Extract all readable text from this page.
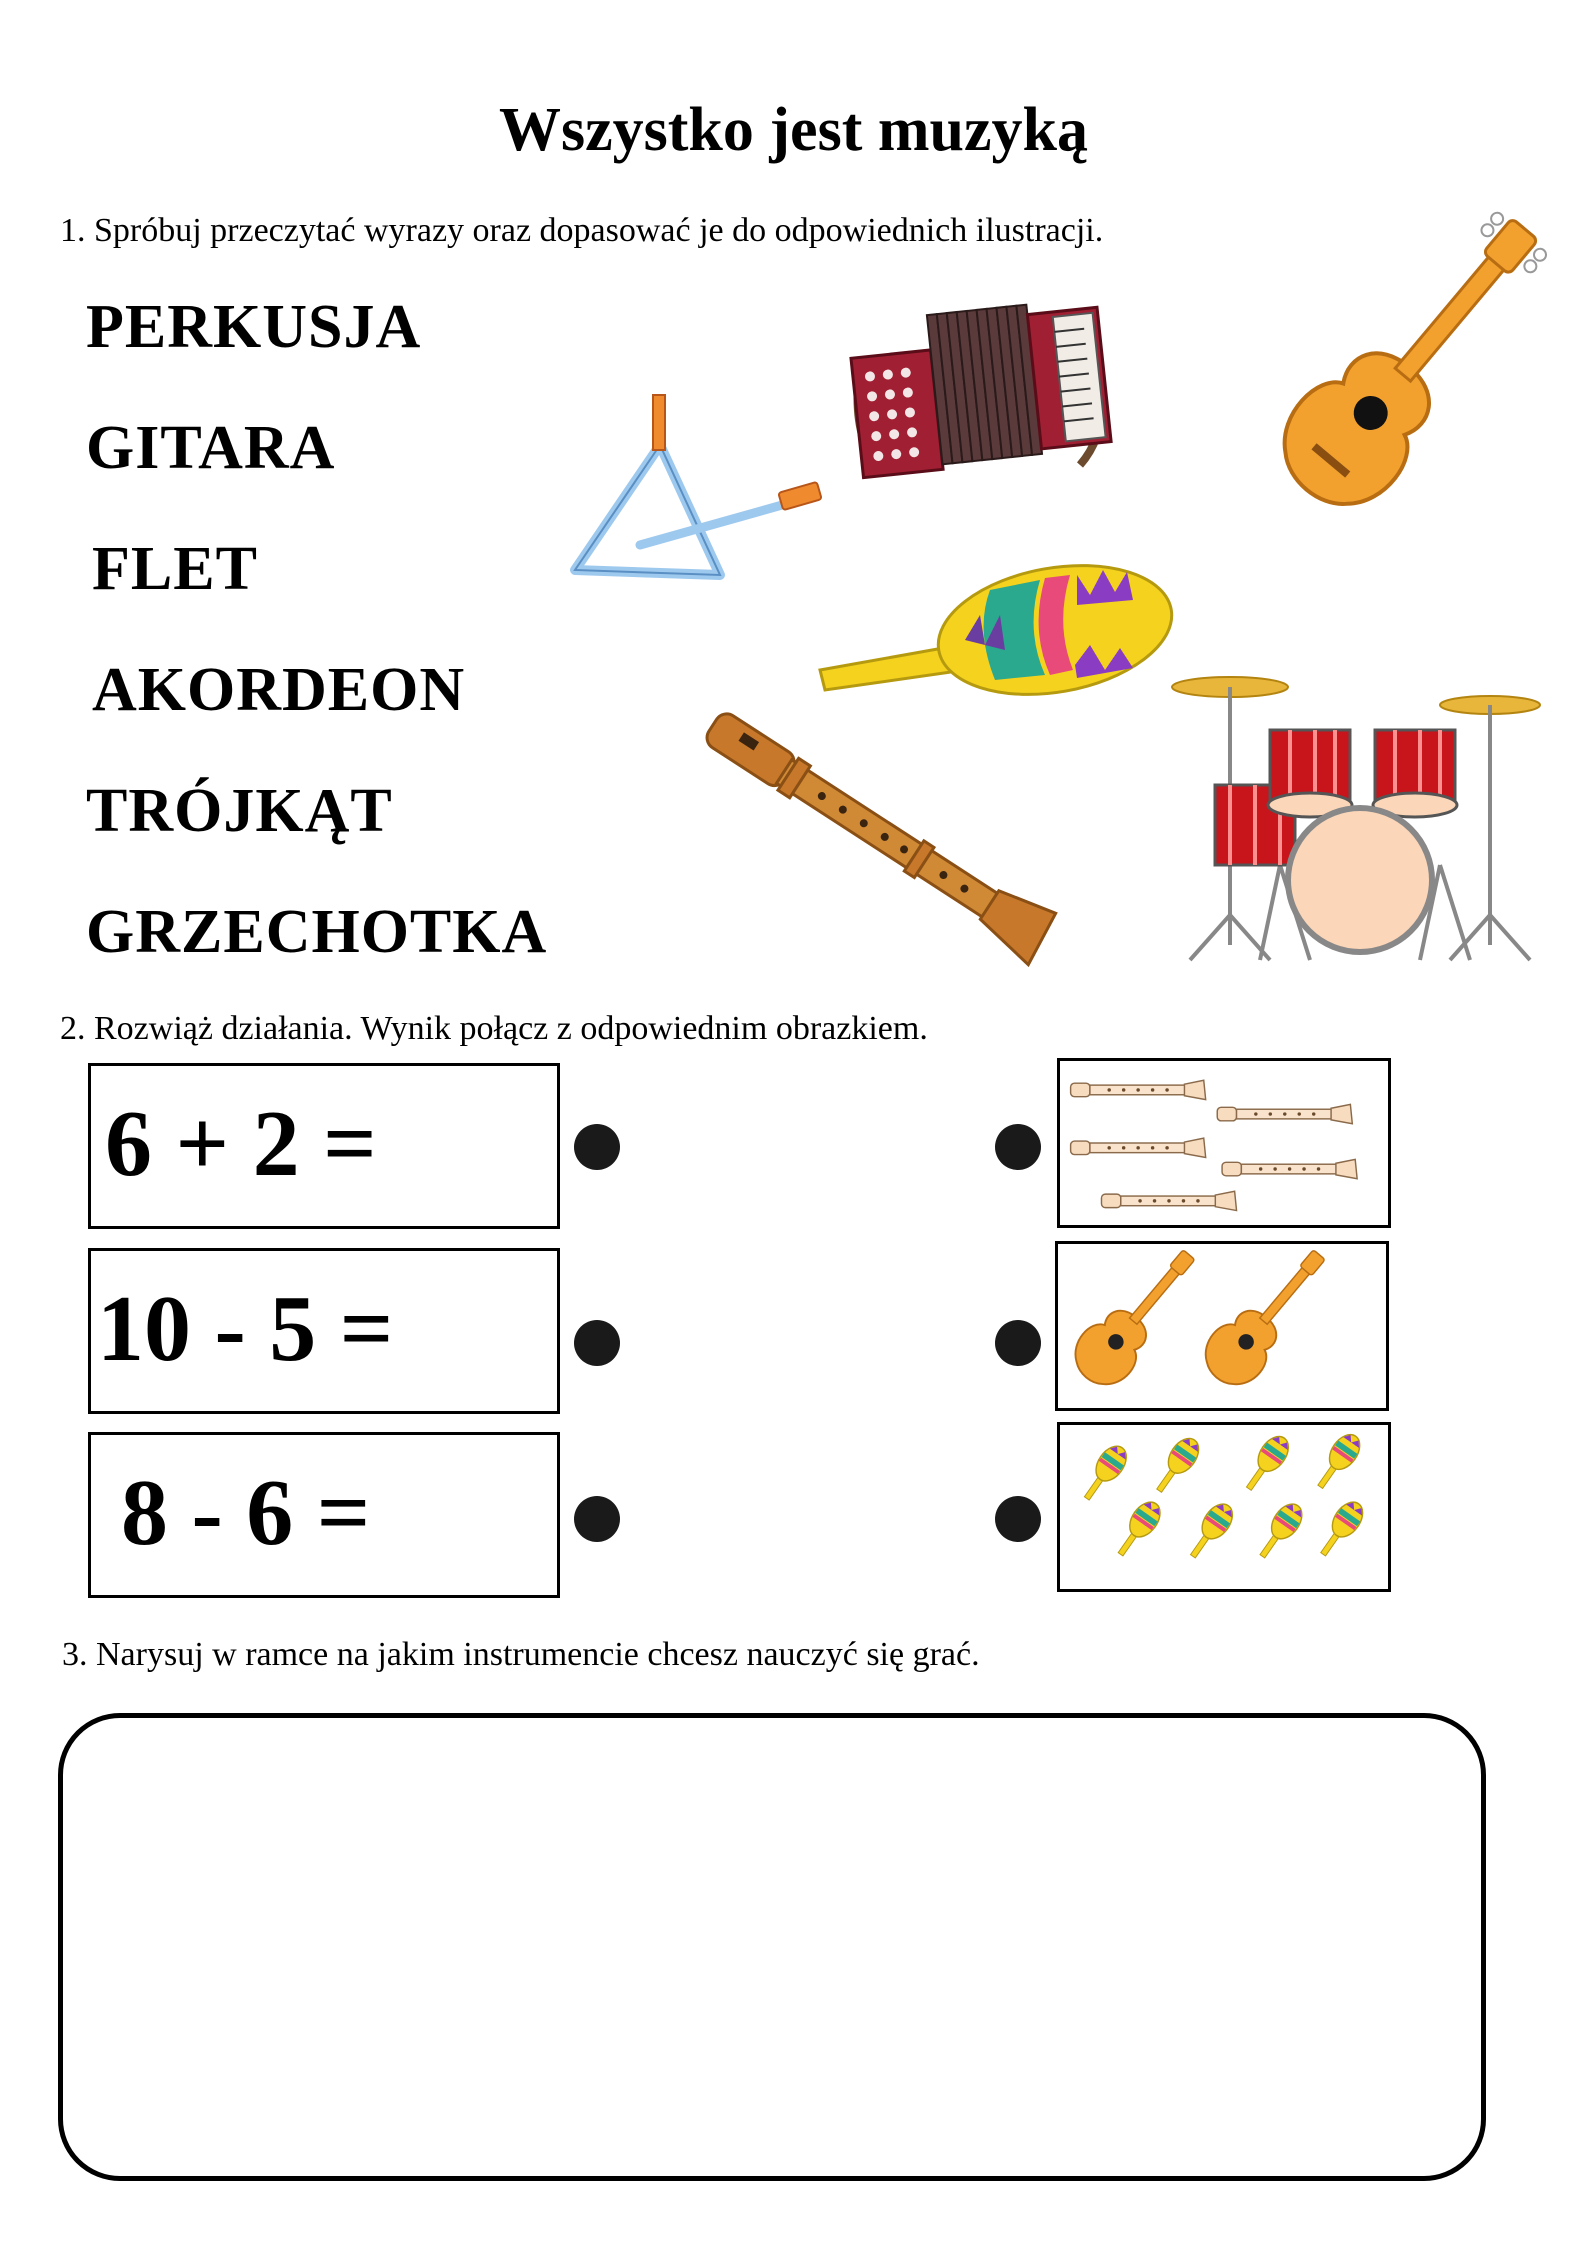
Wszystko jest muzyką
1. Spróbuj przeczytać wyrazy oraz dopasować je do odpowiednich ilustracji.
PERKUSJA
GITARA
FLET
AKORDEON
TRÓJKĄT
GRZECHOTKA
2. Rozwiąż działania. Wynik połącz z odpowiednim obrazkiem.
6 + 2 =
10 - 5 =
8 - 6 =
3. Narysuj w ramce na jakim instrumencie chcesz nauczyć się grać.
